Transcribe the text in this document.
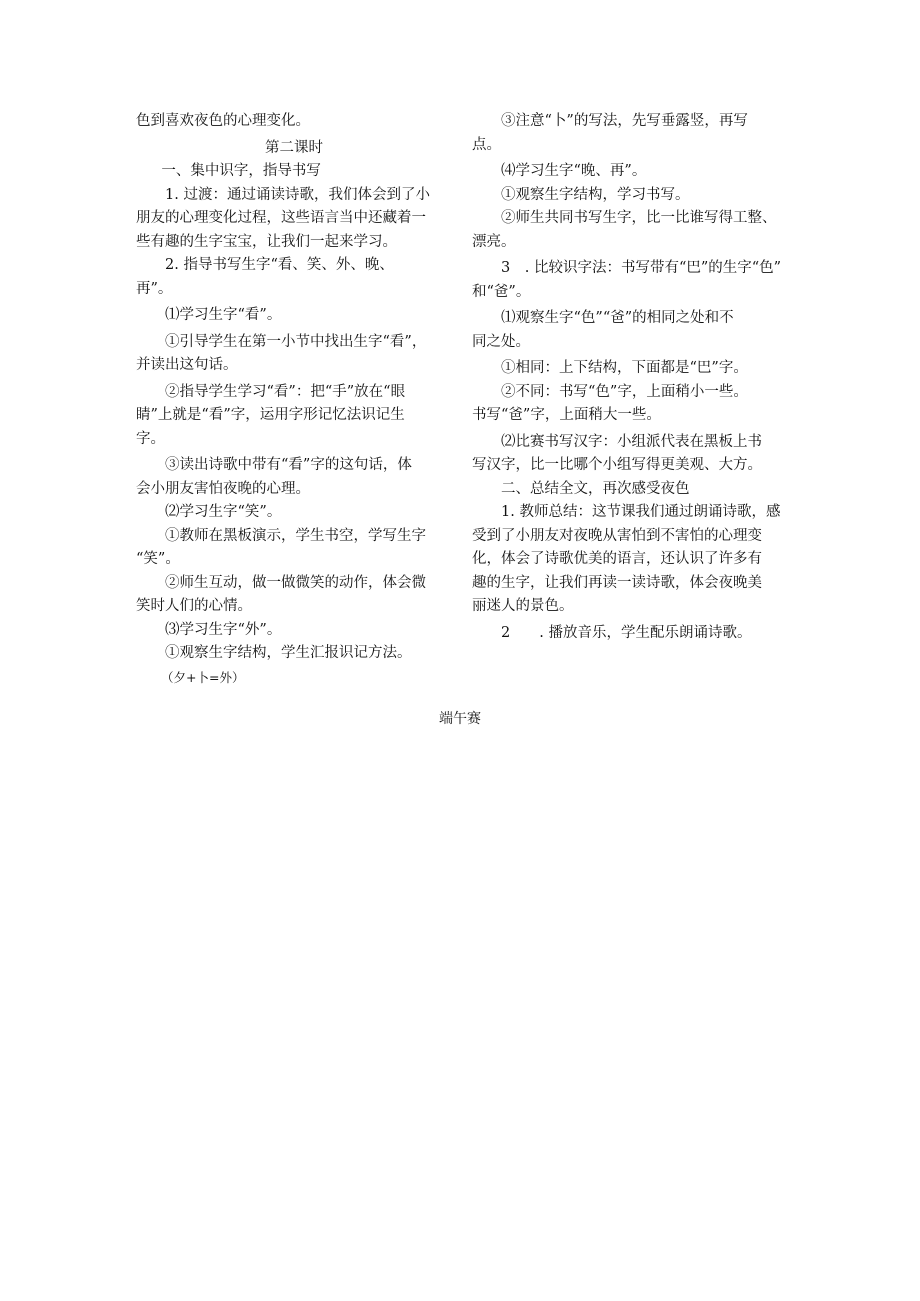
色到喜欢夜色的心理变化。

第二课时

一、集中识字，指导书写

1. 过渡：通过诵读诗歌，我们体会到了小

朋友的心理变化过程，这些语言当中还藏着一

些有趣的生字宝宝，让我们一起来学习。

2. 指导书写生字“看、笑、外、晚、

再”。

⑴学习生字“看”。

①引导学生在第一小节中找出生字“看”，

并读出这句话。

②指导学生学习“看”：把“手”放在“眼

睛”上就是“看”字，运用字形记忆法识记生

字。

③读出诗歌中带有“看”字的这句话，体

会小朋友害怕夜晚的心理。

⑵学习生字“笑”。

①教师在黑板演示，学生书空，学写生字

“笑”。

②师生互动，做一做微笑的动作，体会微

笑时人们的心情。

⑶学习生字“外”。

①观察生字结构，学生汇报识记方法。

（夕+卜=外）

③注意“卜”的写法，先写垂露竖，再写

点。

⑷学习生字“晚、再”。

①观察生字结构，学习书写。

②师生共同书写生字，比一比谁写得工整、

漂亮。

3　. 比较识字法：书写带有“巴”的生字“色”

和“爸”。

⑴观察生字“色”“爸”的相同之处和不

同之处。

①相同：上下结构，下面都是“巴”字。

②不同：书写“色”字，上面稍小一些。

书写“爸”字，上面稍大一些。

⑵比赛书写汉字：小组派代表在黑板上书

写汉字，比一比哪个小组写得更美观、大方。

二、总结全文，再次感受夜色

1. 教师总结：这节课我们通过朗诵诗歌，感

受到了小朋友对夜晚从害怕到不害怕的心理变

化，体会了诗歌优美的语言，还认识了许多有

趣的生字，让我们再读一读诗歌，体会夜晚美

丽迷人的景色。

2　　. 播放音乐，学生配乐朗诵诗歌。

端午赛
